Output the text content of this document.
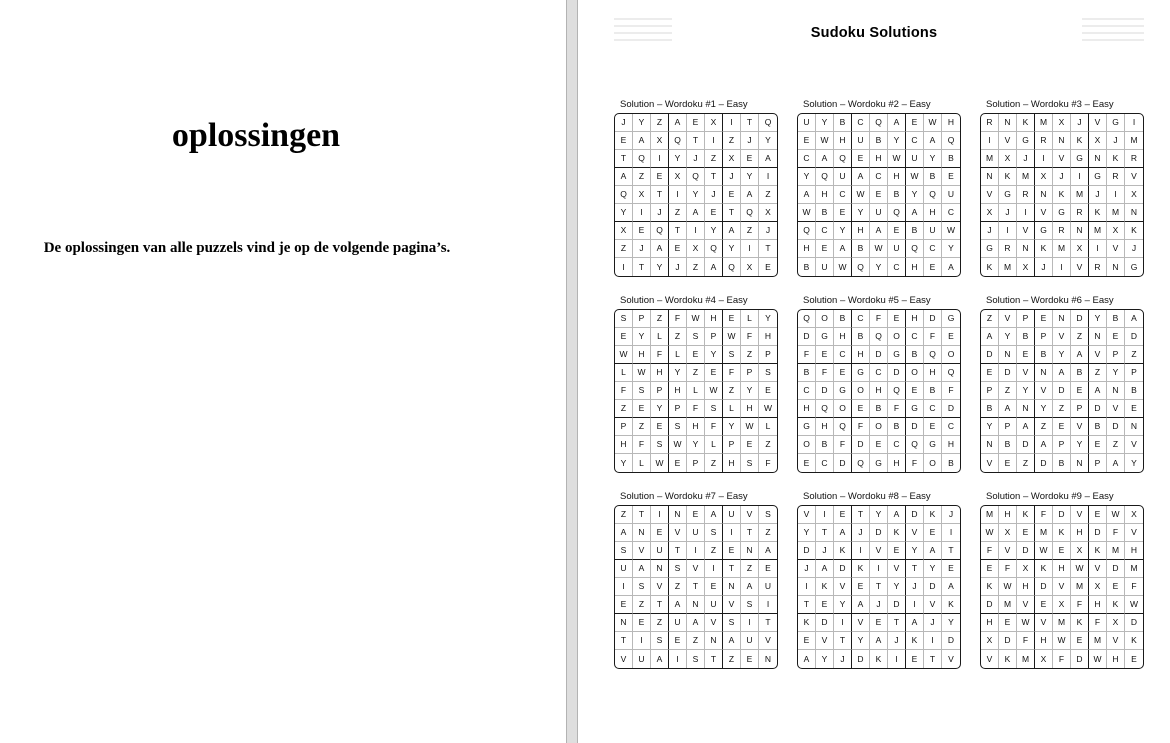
oplossingen
De oplossingen van alle puzzels vind je op de volgende pagina’s.
Sudoku Solutions
Solution – Wordoku #1 – Easy
J	Y	Z	A	E	X	I	T	Q
E	A	X	Q	T	I	Z	J	Y
T	Q	I	Y	J	Z	X	E	A
A	Z	E	X	Q	T	J	Y	I
Q	X	T	I	Y	J	E	A	Z
Y	I	J	Z	A	E	T	Q	X
X	E	Q	T	I	Y	A	Z	J
Z	J	A	E	X	Q	Y	I	T
I	T	Y	J	Z	A	Q	X	E
Solution – Wordoku #2 – Easy
U	Y	B	C	Q	A	E	W	H
E	W	H	U	B	Y	C	A	Q
C	A	Q	E	H	W	U	Y	B
Y	Q	U	A	C	H	W	B	E
A	H	C	W	E	B	Y	Q	U
W	B	E	Y	U	Q	A	H	C
Q	C	Y	H	A	E	B	U	W
H	E	A	B	W	U	Q	C	Y
B	U	W	Q	Y	C	H	E	A
Solution – Wordoku #3 – Easy
R	N	K	M	X	J	V	G	I
I	V	G	R	N	K	X	J	M
M	X	J	I	V	G	N	K	R
N	K	M	X	J	I	G	R	V
V	G	R	N	K	M	J	I	X
X	J	I	V	G	R	K	M	N
J	I	V	G	R	N	M	X	K
G	R	N	K	M	X	I	V	J
K	M	X	J	I	V	R	N	G
Solution – Wordoku #4 – Easy
S	P	Z	F	W	H	E	L	Y
E	Y	L	Z	S	P	W	F	H
W	H	F	L	E	Y	S	Z	P
L	W	H	Y	Z	E	F	P	S
F	S	P	H	L	W	Z	Y	E
Z	E	Y	P	F	S	L	H	W
P	Z	E	S	H	F	Y	W	L
H	F	S	W	Y	L	P	E	Z
Y	L	W	E	P	Z	H	S	F
Solution – Wordoku #5 – Easy
Q	O	B	C	F	E	H	D	G
D	G	H	B	Q	O	C	F	E
F	E	C	H	D	G	B	Q	O
B	F	E	G	C	D	O	H	Q
C	D	G	O	H	Q	E	B	F
H	Q	O	E	B	F	G	C	D
G	H	Q	F	O	B	D	E	C
O	B	F	D	E	C	Q	G	H
E	C	D	Q	G	H	F	O	B
Solution – Wordoku #6 – Easy
Z	V	P	E	N	D	Y	B	A
A	Y	B	P	V	Z	N	E	D
D	N	E	B	Y	A	V	P	Z
E	D	V	N	A	B	Z	Y	P
P	Z	Y	V	D	E	A	N	B
B	A	N	Y	Z	P	D	V	E
Y	P	A	Z	E	V	B	D	N
N	B	D	A	P	Y	E	Z	V
V	E	Z	D	B	N	P	A	Y
Solution – Wordoku #7 – Easy
Z	T	I	N	E	A	U	V	S
A	N	E	V	U	S	I	T	Z
S	V	U	T	I	Z	E	N	A
U	A	N	S	V	I	T	Z	E
I	S	V	Z	T	E	N	A	U
E	Z	T	A	N	U	V	S	I
N	E	Z	U	A	V	S	I	T
T	I	S	E	Z	N	A	U	V
V	U	A	I	S	T	Z	E	N
Solution – Wordoku #8 – Easy
V	I	E	T	Y	A	D	K	J
Y	T	A	J	D	K	V	E	I
D	J	K	I	V	E	Y	A	T
J	A	D	K	I	V	T	Y	E
I	K	V	E	T	Y	J	D	A
T	E	Y	A	J	D	I	V	K
K	D	I	V	E	T	A	J	Y
E	V	T	Y	A	J	K	I	D
A	Y	J	D	K	I	E	T	V
Solution – Wordoku #9 – Easy
M	H	K	F	D	V	E	W	X
W	X	E	M	K	H	D	F	V
F	V	D	W	E	X	K	M	H
E	F	X	K	H	W	V	D	M
K	W	H	D	V	M	X	E	F
D	M	V	E	X	F	H	K	W
H	E	W	V	M	K	F	X	D
X	D	F	H	W	E	M	V	K
V	K	M	X	F	D	W	H	E
